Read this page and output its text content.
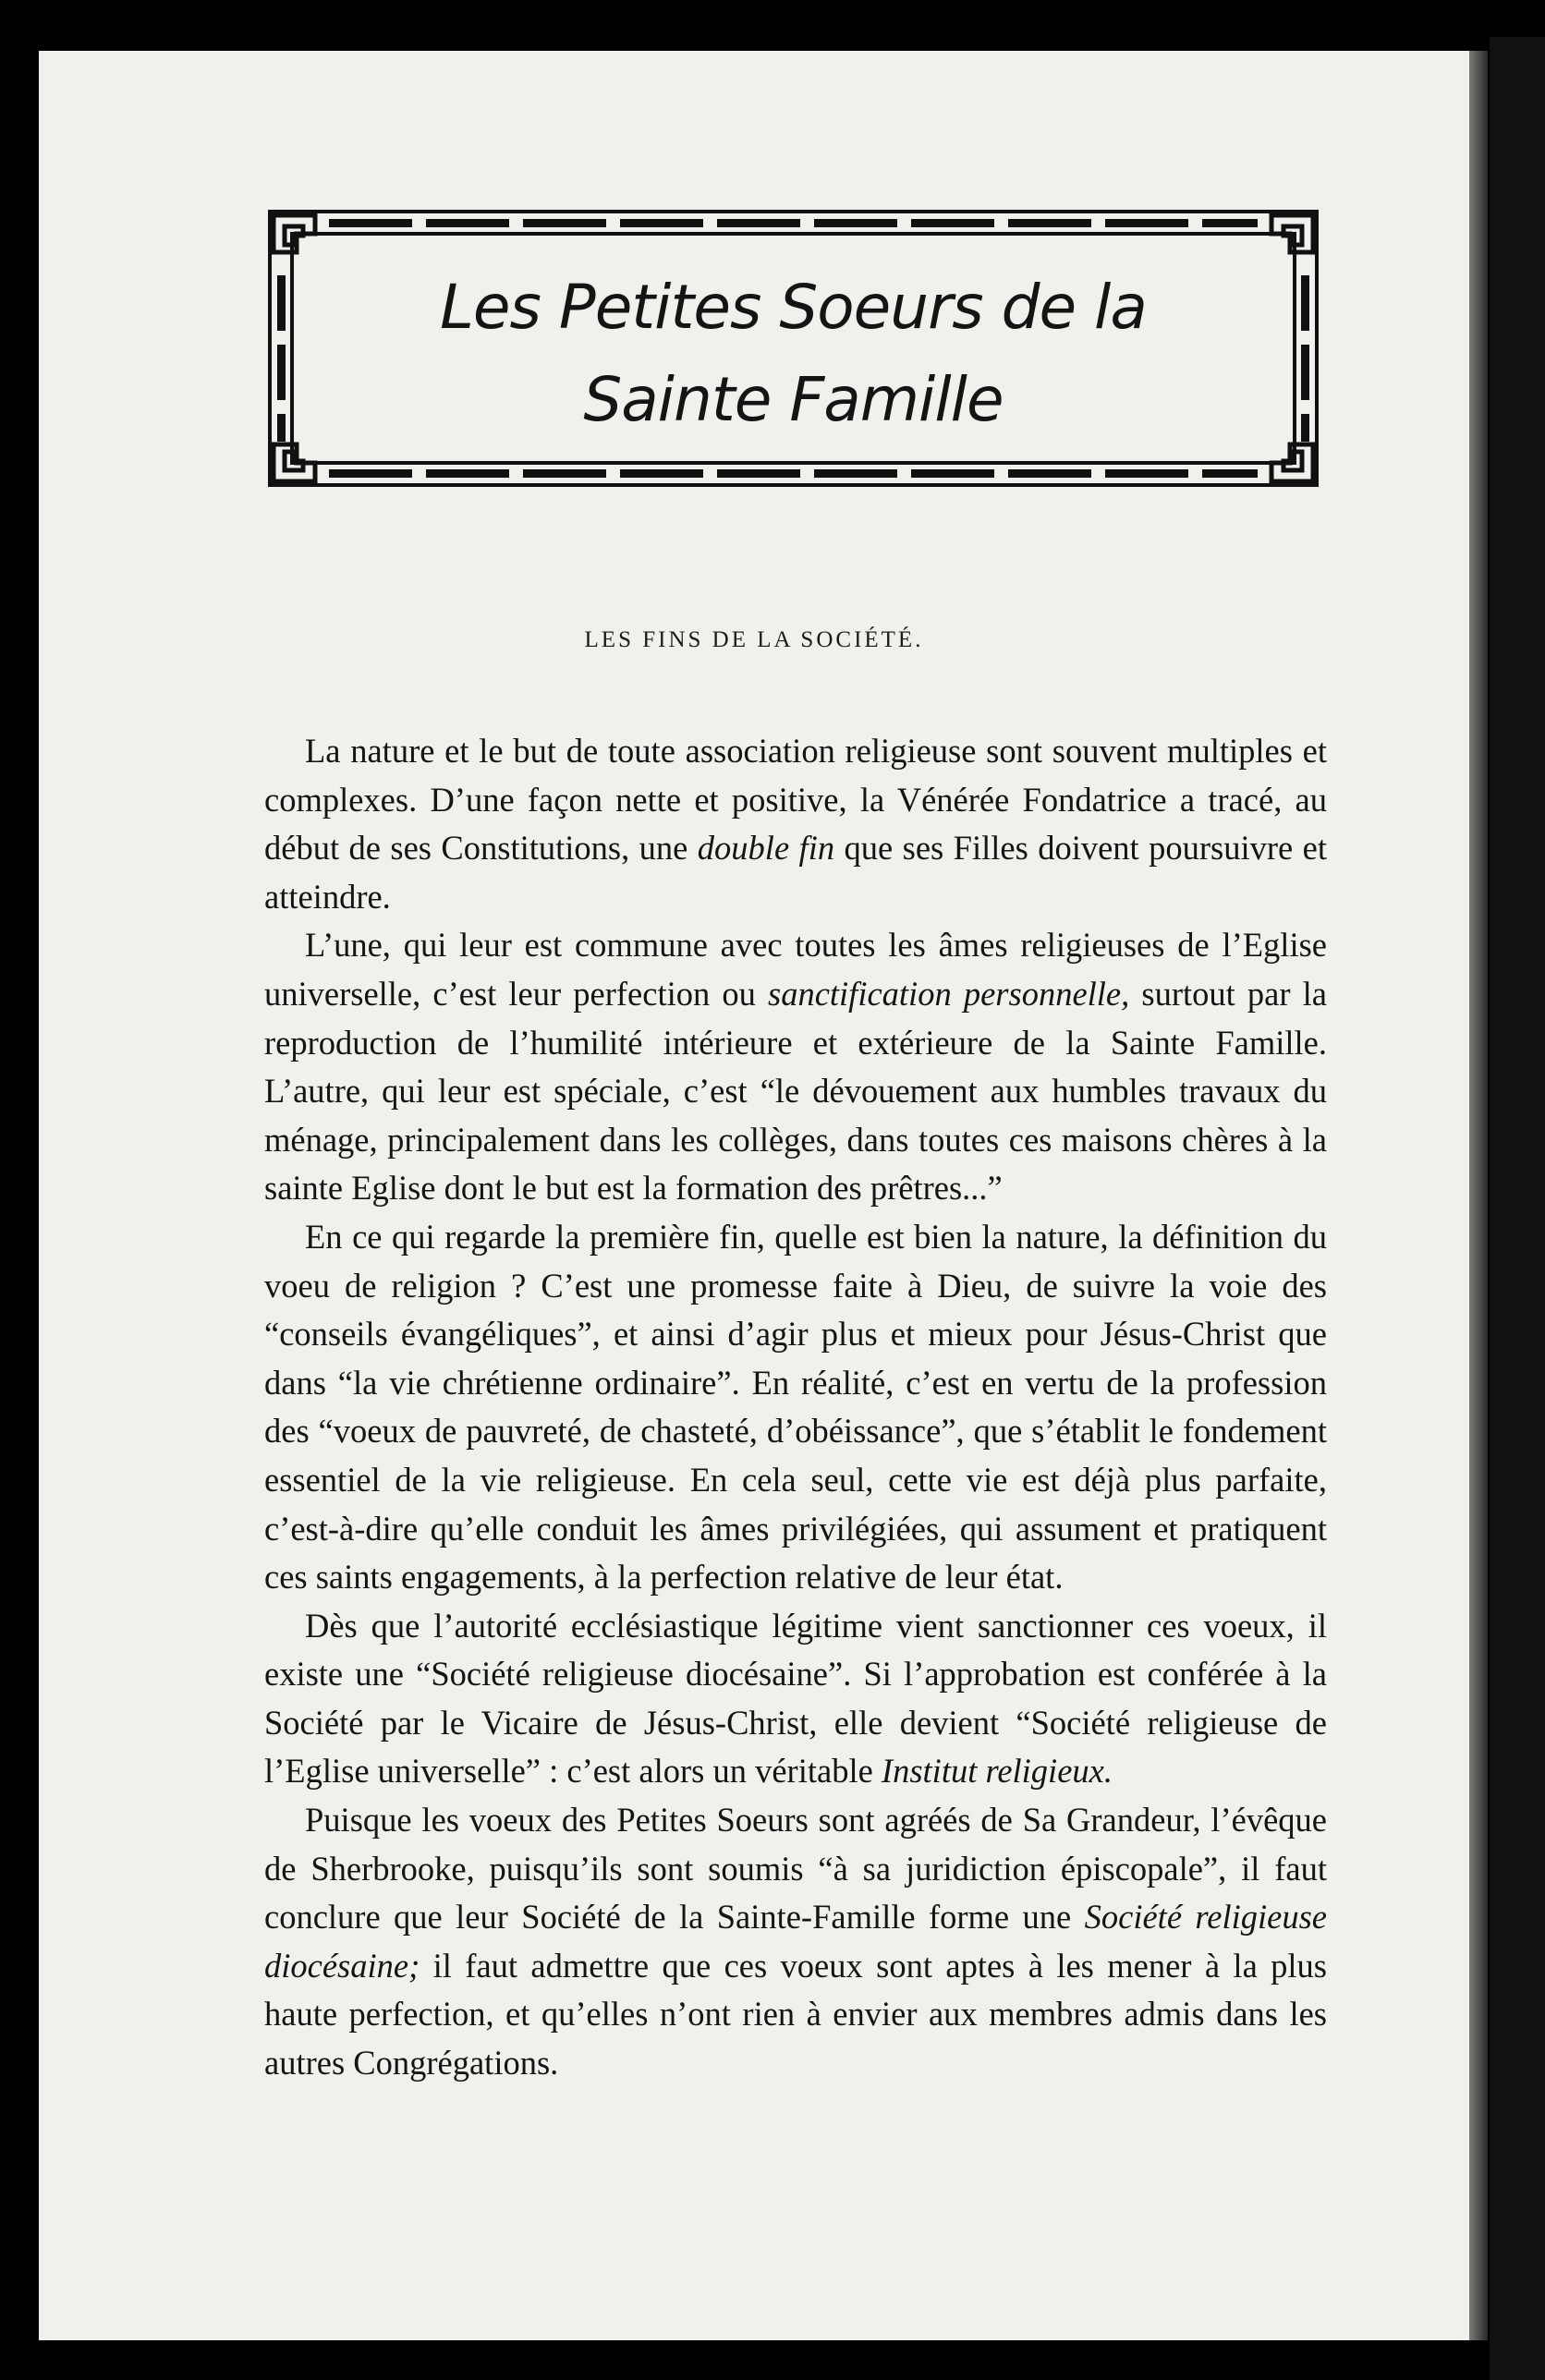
Les Petites Soeurs de la
Sainte Famille
LES FINS DE LA SOCIÉTÉ.

La nature et le but de toute association religieuse sont souvent multiples et complexes. D’une façon nette et positive, la Vénérée Fondatrice a tracé, au début de ses Constitutions, une double fin que ses Filles doivent poursuivre et atteindre.

L’une, qui leur est commune avec toutes les âmes religieuses de l’Eglise universelle, c’est leur perfection ou sanctification personnelle, surtout par la reproduction de l’humilité intérieure et extérieure de la Sainte Famille. L’autre, qui leur est spéciale, c’est “le dévouement aux humbles travaux du ménage, principalement dans les collèges, dans toutes ces maisons chères à la sainte Eglise dont le but est la formation des prêtres...”

En ce qui regarde la première fin, quelle est bien la nature, la définition du voeu de religion ? C’est une promesse faite à Dieu, de suivre la voie des “conseils évangéliques”, et ainsi d’agir plus et mieux pour Jésus-Christ que dans “la vie chrétienne ordinaire”. En réalité, c’est en vertu de la profession des “voeux de pauvreté, de chasteté, d’obéissance”, que s’établit le fondement essentiel de la vie religieuse. En cela seul, cette vie est déjà plus parfaite, c’est-à-dire qu’elle conduit les âmes privilégiées, qui assument et pratiquent ces saints engagements, à la perfection relative de leur état.

Dès que l’autorité ecclésiastique légitime vient sanctionner ces voeux, il existe une “Société religieuse diocésaine”. Si l’approbation est conférée à la Société par le Vicaire de Jésus-Christ, elle devient “Société religieuse de l’Eglise universelle” : c’est alors un véritable Institut religieux.

Puisque les voeux des Petites Soeurs sont agréés de Sa Grandeur, l’évêque de Sherbrooke, puisqu’ils sont soumis “à sa juridiction épiscopale”, il faut conclure que leur Société de la Sainte-Famille forme une Société religieuse diocésaine; il faut admettre que ces voeux sont aptes à les mener à la plus haute perfection, et qu’elles n’ont rien à envier aux membres admis dans les autres Congrégations.
